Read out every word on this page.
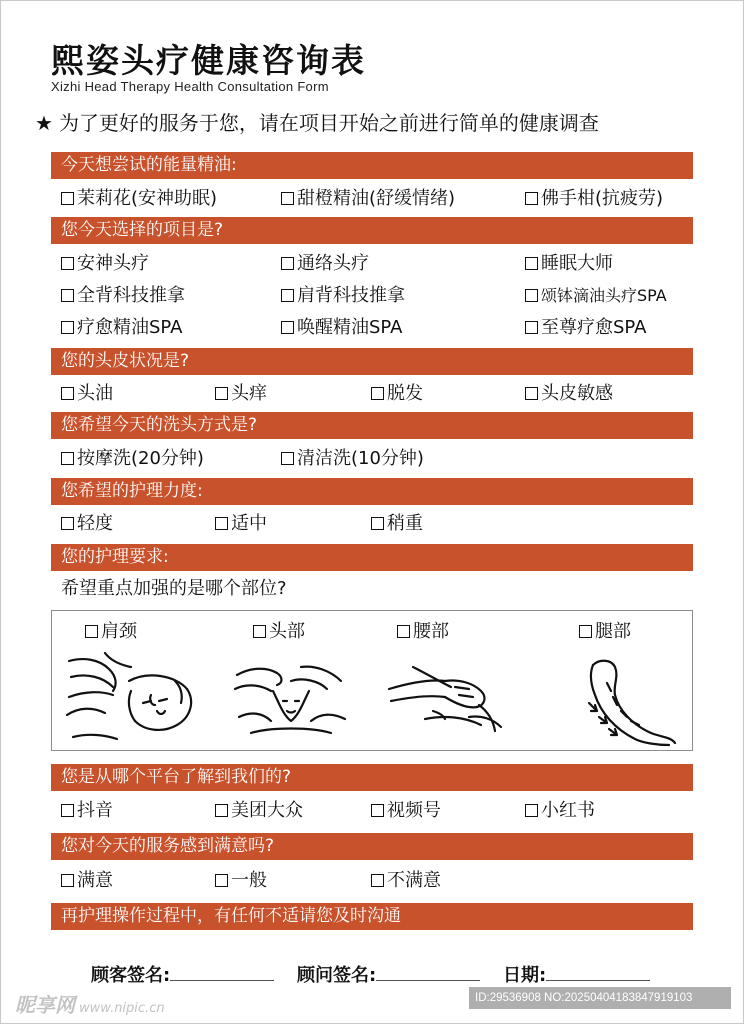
熙姿头疗健康咨询表
Xizhi Head Therapy Health Consultation Form
★ 为了更好的服务于您，请在项目开始之前进行简单的健康调查
今天想尝试的能量精油:
茉莉花(安神助眠)	甜橙精油(舒缓情绪)	佛手柑(抗疲劳)
您今天选择的项目是?
安神头疗	通络头疗	睡眠大师
全背科技推拿	肩背科技推拿	颂钵滴油头疗SPA
疗愈精油SPA	唤醒精油SPA	至尊疗愈SPA
您的头皮状况是?
头油	头痒	脱发	头皮敏感
您希望今天的洗头方式是?
按摩洗(20分钟)	清洁洗(10分钟)
您希望的护理力度:
轻度	适中	稍重
您的护理要求:
希望重点加强的是哪个部位?
肩颈	头部	腰部	腿部
您是从哪个平台了解到我们的?
抖音	美团大众	视频号	小红书
您对今天的服务感到满意吗?
满意	一般	不满意
再护理操作过程中，有任何不适请您及时沟通
顾客签名:	顾问签名:	日期:
昵享网 www.nipic.cn
ID:29536908 NO:20250404183847919103
